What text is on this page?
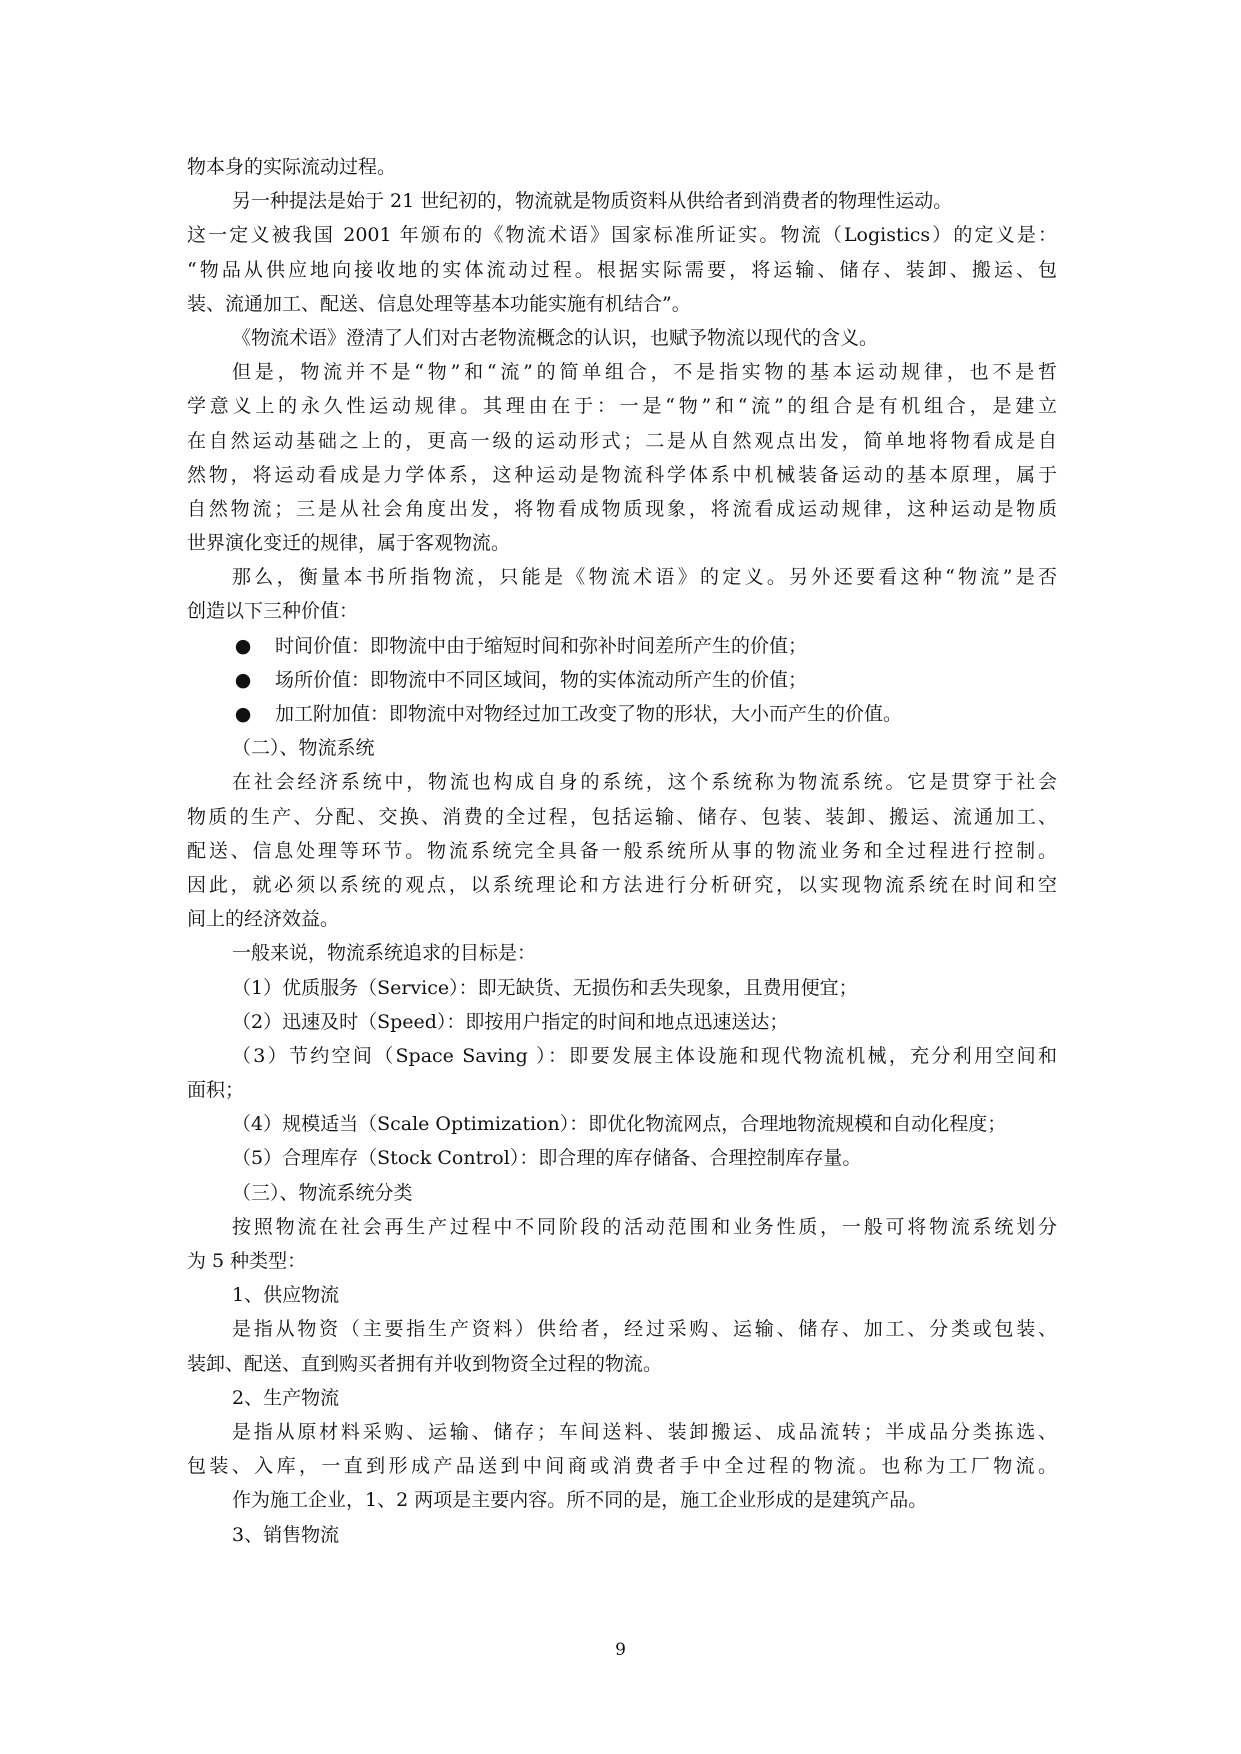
物本身的实际流动过程。
另一种提法是始于 21 世纪初的，物流就是物质资料从供给者到消费者的物理性运动。
这一定义被我国 2001 年颁布的《物流术语》国家标准所证实。物流（Logistics）的定义是：
“物品从供应地向接收地的实体流动过程。根据实际需要，将运输、储存、装卸、搬运、包
装、流通加工、配送、信息处理等基本功能实施有机结合”。
《物流术语》澄清了人们对古老物流概念的认识，也赋予物流以现代的含义。
但是，物流并不是“物”和“流”的简单组合，不是指实物的基本运动规律，也不是哲
学意义上的永久性运动规律。其理由在于：一是“物”和“流”的组合是有机组合，是建立
在自然运动基础之上的，更高一级的运动形式；二是从自然观点出发，简单地将物看成是自
然物，将运动看成是力学体系，这种运动是物流科学体系中机械装备运动的基本原理，属于
自然物流；三是从社会角度出发，将物看成物质现象，将流看成运动规律，这种运动是物质
世界演化变迁的规律，属于客观物流。
那么，衡量本书所指物流，只能是《物流术语》的定义。另外还要看这种“物流”是否
创造以下三种价值：
● 时间价值：即物流中由于缩短时间和弥补时间差所产生的价值；
● 场所价值：即物流中不同区域间，物的实体流动所产生的价值；
● 加工附加值：即物流中对物经过加工改变了物的形状，大小而产生的价值。
（二）、物流系统
在社会经济系统中，物流也构成自身的系统，这个系统称为物流系统。它是贯穿于社会
物质的生产、分配、交换、消费的全过程，包括运输、储存、包装、装卸、搬运、流通加工、
配送、信息处理等环节。物流系统完全具备一般系统所从事的物流业务和全过程进行控制。
因此，就必须以系统的观点，以系统理论和方法进行分析研究，以实现物流系统在时间和空
间上的经济效益。
一般来说，物流系统追求的目标是：
（1）优质服务（Service）：即无缺货、无损伤和丢失现象，且费用便宜；
（2）迅速及时（Speed）：即按用户指定的时间和地点迅速送达；
（3）节约空间（Space Saving ）：即要发展主体设施和现代物流机械，充分利用空间和
面积；
（4）规模适当（Scale Optimization）：即优化物流网点，合理地物流规模和自动化程度；
（5）合理库存（Stock Control）：即合理的库存储备、合理控制库存量。
（三）、物流系统分类
按照物流在社会再生产过程中不同阶段的活动范围和业务性质，一般可将物流系统划分
为 5 种类型：
1、供应物流
是指从物资（主要指生产资料）供给者，经过采购、运输、储存、加工、分类或包装、
装卸、配送、直到购买者拥有并收到物资全过程的物流。
2、生产物流
是指从原材料采购、运输、储存；车间送料、装卸搬运、成品流转；半成品分类拣选、
包装、入库，一直到形成产品送到中间商或消费者手中全过程的物流。也称为工厂物流。
作为施工企业，1、2 两项是主要内容。所不同的是，施工企业形成的是建筑产品。
3、销售物流
9
